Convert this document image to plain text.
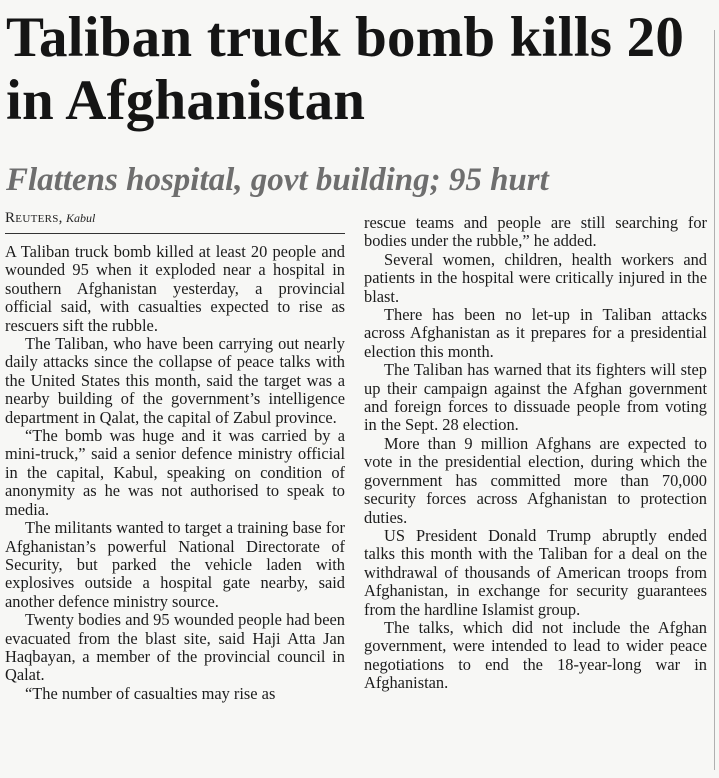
Taliban truck bomb kills 20 in Afghanistan
Flattens hospital, govt building; 95 hurt
Reuters, Kabul

A Taliban truck bomb killed at least 20 people and wounded 95 when it exploded near a hospital in southern Afghanistan yesterday, a provincial official said, with casualties expected to rise as rescuers sift the rubble.

The Taliban, who have been carrying out nearly daily attacks since the collapse of peace talks with the United States this month, said the target was a nearby building of the government’s intelligence department in Qalat, the capital of Zabul province.

“The bomb was huge and it was carried by a mini-truck,” said a senior defence ministry official in the capital, Kabul, speaking on condition of anonymity as he was not authorised to speak to media.

The militants wanted to target a training base for Afghanistan’s powerful National Directorate of Security, but parked the vehicle laden with explosives outside a hospital gate nearby, said another defence ministry source.

Twenty bodies and 95 wounded people had been evacuated from the blast site, said Haji Atta Jan Haqbayan, a member of the provincial council in Qalat.

“The number of casualties may rise as

rescue teams and people are still searching for bodies under the rubble,” he added.

Several women, children, health workers and patients in the hospital were critically injured in the blast.

There has been no let-up in Taliban attacks across Afghanistan as it prepares for a presidential election this month.

The Taliban has warned that its fighters will step up their campaign against the Afghan government and foreign forces to dissuade people from voting in the Sept. 28 election.

More than 9 million Afghans are expected to vote in the presidential election, during which the government has committed more than 70,000 security forces across Afghanistan to protection duties.

US President Donald Trump abruptly ended talks this month with the Taliban for a deal on the withdrawal of thousands of American troops from Afghanistan, in exchange for security guarantees from the hardline Islamist group.

The talks, which did not include the Afghan government, were intended to lead to wider peace negotiations to end the 18-year-long war in Afghanistan.
